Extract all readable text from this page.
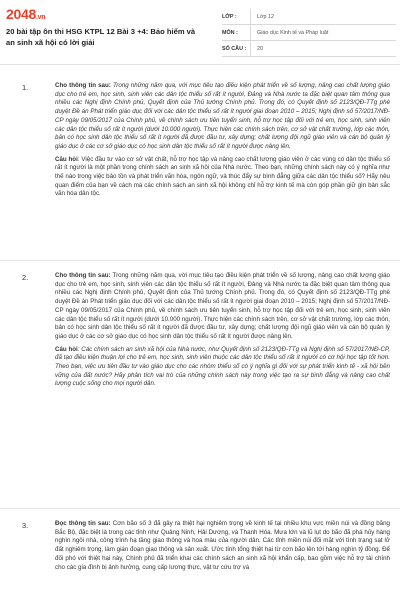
2048.vn
20 bài tập ôn thi HSG KTPL 12 Bài 3 +4: Bảo hiểm và an sinh xã hội có lời giải
LỚP :	Lớp 12
MÔN :	Giáo dục Kinh tế và Pháp luật
SỐ CÂU :	20
1.	Cho thông tin sau: Trong những năm qua, với mục tiêu tạo điều kiện phát triển về số lượng, nâng cao chất lượng giáo dục cho trẻ em, học sinh, sinh viên các dân tộc thiểu số rất ít người, Đảng và Nhà nước ta đặc biệt quan tâm thông qua nhiều các Nghị định Chính phủ, Quyết định của Thủ tướng Chính phủ. Trong đó, có Quyết định số 2123/QĐ-TTg phê duyệt Đề án Phát triển giáo dục đối với các dân tộc thiểu số rất ít người giai đoạn 2010 – 2015; Nghị định số 57/2017/NĐ-CP ngày 09/05/2017 của Chính phủ, về chính sách ưu tiên tuyển sinh, hỗ trợ học tập đối với trẻ em, học sinh, sinh viên các dân tộc thiểu số rất ít người (dưới 10.000 người). Thực hiện các chính sách trên, cơ sở vật chất trường, lớp các thôn, bản có học sinh dân tộc thiểu số rất ít người đã được đầu tư, xây dựng; chất lượng đội ngũ giáo viên và cán bộ quản lý giáo dục ở các cơ sở giáo dục có học sinh dân tộc thiểu số rất ít người được nâng lên.

Câu hỏi: Việc đầu tư vào cơ sở vật chất, hỗ trợ học tập và nâng cao chất lượng giáo viên ở các vùng có dân tộc thiểu số rất ít người là một phần trong chính sách an sinh xã hội của Nhà nước. Theo bạn, những chính sách này có ý nghĩa như thế nào trong việc bảo tồn và phát triển văn hóa, ngôn ngữ, và thúc đẩy sự bình đẳng giữa các dân tộc thiểu số? Hãy nêu quan điểm của bạn về cách mà các chính sách an sinh xã hội không chỉ hỗ trợ kinh tế mà còn góp phần giữ gìn bản sắc văn hóa dân tộc.

2.	Cho thông tin sau: Trong những năm qua, với mục tiêu tạo điều kiện phát triển về số lượng, nâng cao chất lượng giáo dục cho trẻ em, học sinh, sinh viên các dân tộc thiểu số rất ít người, Đảng và Nhà nước ta đặc biệt quan tâm thông qua nhiều các Nghị định Chính phủ, Quyết định của Thủ tướng Chính phủ. Trong đó, có Quyết định số 2123/QĐ-TTg phê duyệt Đề án Phát triển giáo dục đối với các dân tộc thiểu số rất ít người giai đoạn 2010 – 2015; Nghị định số 57/2017/NĐ-CP ngày 09/05/2017 của Chính phủ, về chính sách ưu tiên tuyển sinh, hỗ trợ học tập đối với trẻ em, học sinh, sinh viên các dân tộc thiểu số rất ít người (dưới 10.000 người). Thực hiện các chính sách trên, cơ sở vật chất trường, lớp các thôn, bản có học sinh dân tộc thiểu số rất ít người đã được đầu tư, xây dựng; chất lượng đội ngũ giáo viên và cán bộ quản lý giáo dục ở các cơ sở giáo dục có học sinh dân tộc thiểu số rất ít người được nâng lên.

Câu hỏi: Các chính sách an sinh xã hội của Nhà nước, như Quyết định số 2123/QĐ-TTg và Nghị định số 57/2017/NĐ-CP, đã tạo điều kiện thuận lợi cho trẻ em, học sinh, sinh viên thuộc các dân tộc thiểu số rất ít người có cơ hội học tập tốt hơn. Theo bạn, việc ưu tiên đầu tư vào giáo dục cho các nhóm thiểu số có ý nghĩa gì đối với sự phát triển kinh tế - xã hội bền vững của đất nước? Hãy phân tích vai trò của những chính sách này trong việc tạo ra sự bình đẳng và nâng cao chất lượng cuộc sống cho mọi người dân.

3.	Đọc thông tin sau: Cơn bão số 3 đã gây ra thiệt hại nghiêm trọng về kinh tế tại nhiều khu vực miền núi và đồng bằng Bắc Bộ, đặc biệt là trong các tỉnh như Quảng Ninh, Hải Dương, và Thanh Hóa. Mưa lớn và lũ lụt do bão đã phá hủy hàng nghìn ngôi nhà, công trình hạ tầng giao thông và hoa màu của người dân. Các tỉnh miền núi đối mặt với tình trạng sạt lở đất nghiêm trọng, làm gián đoạn giao thông và sản xuất. Ước tính tổng thiệt hại từ cơn bão lên tới hàng nghìn tỷ đồng. Để đối phó với thiệt hại này, Chính phủ đã triển khai các chính sách an sinh xã hội khẩn cấp, bao gồm việc hỗ trợ tài chính cho các gia đình bị ảnh hưởng, cung cấp lương thực, vật tư cứu trợ và
